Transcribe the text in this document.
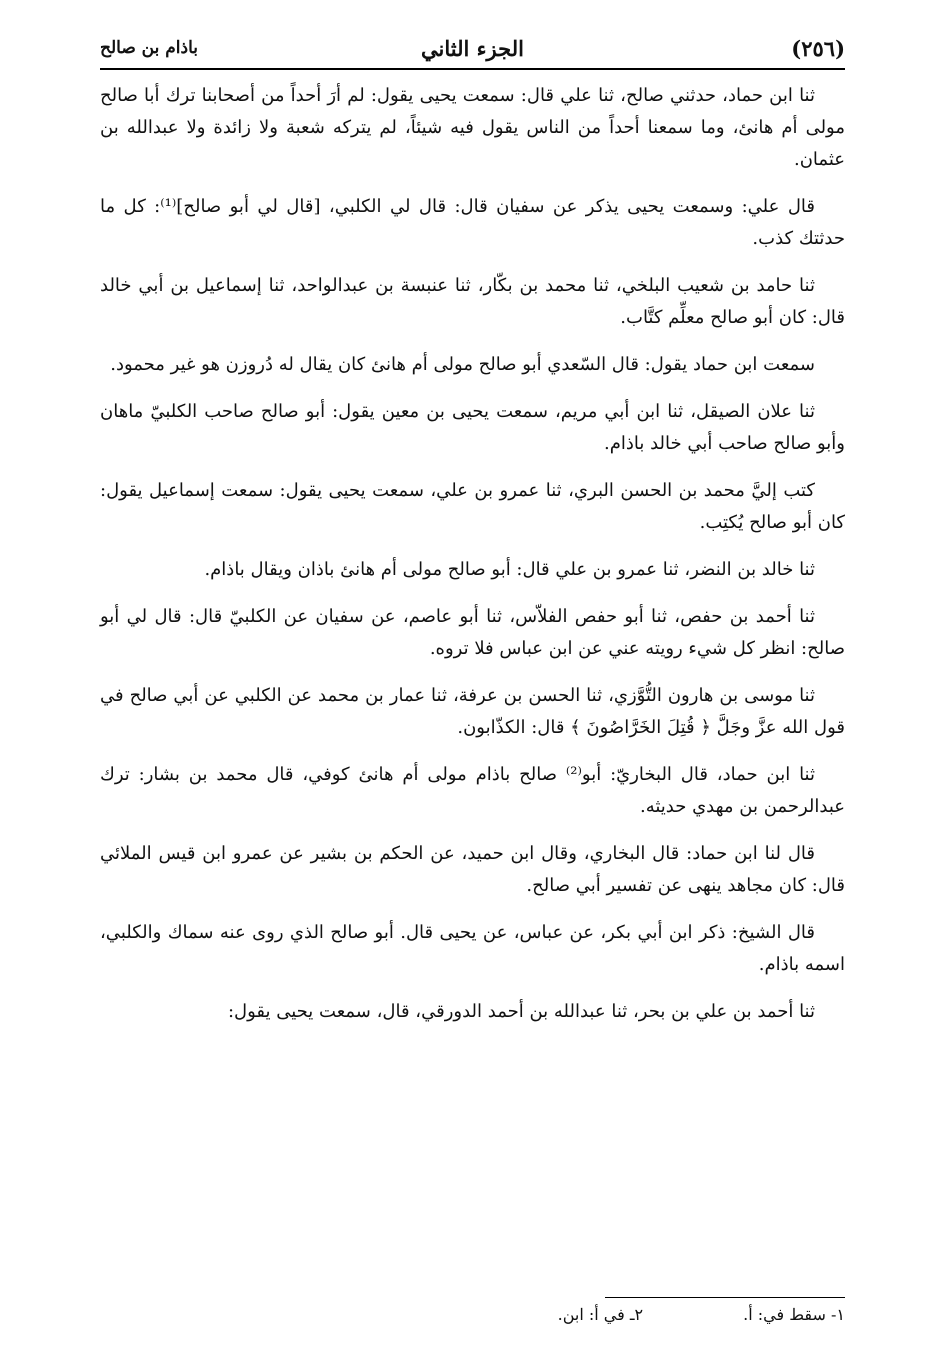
(٢٥٦)
الجزء الثاني
باذام بن صالح

ثنا ابن حماد، حدثني صالح، ثنا علي قال: سمعت يحيى يقول: لم أرَ أحداً من أصحابنا ترك أبا صالح مولى أم هانئ، وما سمعنا أحداً من الناس يقول فيه شيئاً، لم يتركه شعبة ولا زائدة ولا عبدالله بن عثمان.

قال علي: وسمعت يحيى يذكر عن سفيان قال: قال لي الكلبي، [قال لي أبو صالح]⁽¹⁾: كل ما حدثتك كذب.

ثنا حامد بن شعيب البلخي، ثنا محمد بن بكّار، ثنا عنبسة بن عبدالواحد، ثنا إسماعيل بن أبي خالد قال: كان أبو صالح معلِّم كتَّاب.

سمعت ابن حماد يقول: قال السّعدي أبو صالح مولى أم هانئ كان يقال له دُروزن هو غير محمود.

ثنا علان الصيقل، ثنا ابن أبي مريم، سمعت يحيى بن معين يقول: أبو صالح صاحب الكلبيّ ماهان وأبو صالح صاحب أبي خالد باذام.

كتب إليَّ محمد بن الحسن البري، ثنا عمرو بن علي، سمعت يحيى يقول: سمعت إسماعيل يقول: كان أبو صالح يُكتِب.

ثنا خالد بن النضر، ثنا عمرو بن علي قال: أبو صالح مولى أم هانئ باذان ويقال باذام.

ثنا أحمد بن حفص، ثنا أبو حفص الفلاّس، ثنا أبو عاصم، عن سفيان عن الكلبيّ قال: قال لي أبو صالح: انظر كل شيء رويته عني عن ابن عباس فلا تروه.

ثنا موسى بن هارون التُّوَّزي، ثنا الحسن بن عرفة، ثنا عمار بن محمد عن الكلبي عن أبي صالح في قول الله عزَّ وجَلَّ ﴿ قُتِلَ الخَرَّاصُونَ ﴾ قال: الكذّابون.

ثنا ابن حماد، قال البخاريّ: أبو⁽²⁾ صالح باذام مولى أم هانئ كوفي، قال محمد بن بشار: ترك عبدالرحمن بن مهدي حديثه.

قال لنا ابن حماد: قال البخاري، وقال ابن حميد، عن الحكم بن بشير عن عمرو ابن قيس الملائي قال: كان مجاهد ينهى عن تفسير أبي صالح.

قال الشيخ: ذكر ابن أبي بكر، عن عباس، عن يحيى قال. أبو صالح الذي روى عنه سماك والكلبي، اسمه باذام.

ثنا أحمد بن علي بن بحر، ثنا عبدالله بن أحمد الدورقي، قال، سمعت يحيى يقول:

١- سقط في: أ.
٢ـ في أ: ابن.
